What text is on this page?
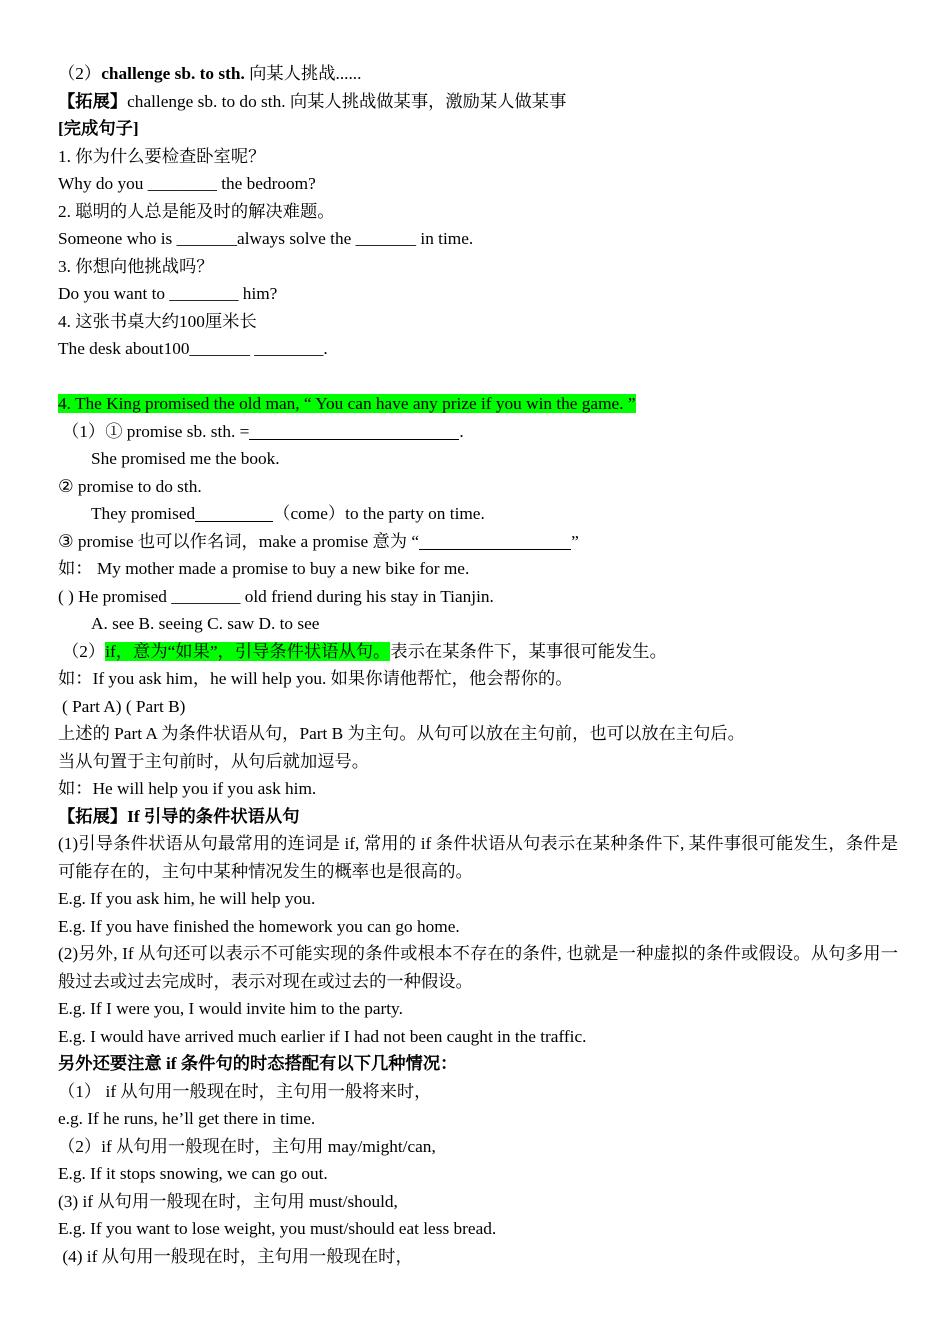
（2）challenge sb. to sth. 向某人挑战......
【拓展】challenge sb. to do sth. 向某人挑战做某事，激励某人做某事
[完成句子]
1. 你为什么要检查卧室呢？
Why do you ________ the bedroom?
2. 聪明的人总是能及时的解决难题。
Someone who is _______always solve the _______ in time.
3. 你想向他挑战吗？
Do you want to ________ him?
4. 这张书桌大约100厘米长
The desk about100_______ ________.
4. The King promised the old man, “ You can have any prize if you win the game. ”
（1）① promise sb. sth. =	.
She promised me the book.
② promise to do sth.
They promised	（come）to the party on time.
③ promise 也可以作名词，make a promise 意为 “	”
如： My mother made a promise to buy a new bike for me.
( ) He promised ________ old friend during his stay in Tianjin.
A. see B. seeing C. saw D. to see
（2）if，意为“如果”，引导条件状语从句。表示在某条件下，某事很可能发生。
如：If you ask him，he will help you. 如果你请他帮忙，他会帮你的。
( Part A) ( Part B)
上述的 Part A 为条件状语从句，Part B 为主句。从句可以放在主句前，也可以放在主句后。
当从句置于主句前时，从句后就加逗号。
如：He will help you if you ask him.
【拓展】If 引导的条件状语从句
(1)引导条件状语从句最常用的连词是 if, 常用的 if 条件状语从句表示在某种条件下, 某件事很可能发生，条件是可能存在的，主句中某种情况发生的概率也是很高的。
E.g. If you ask him, he will help you.
E.g. If you have finished the homework you can go home.
(2)另外, If 从句还可以表示不可能实现的条件或根本不存在的条件, 也就是一种虚拟的条件或假设。从句多用一般过去或过去完成时，表示对现在或过去的一种假设。
E.g. If I were you, I would invite him to the party.
E.g. I would have arrived much earlier if I had not been caught in the traffic.
另外还要注意 if 条件句的时态搭配有以下几种情况：
（1） if 从句用一般现在时，主句用一般将来时，
e.g. If he runs, he’ll get there in time.
（2）if 从句用一般现在时，主句用 may/might/can,
E.g. If it stops snowing, we can go out.
(3) if 从句用一般现在时，主句用 must/should,
E.g. If you want to lose weight, you must/should eat less bread.
(4) if 从句用一般现在时，主句用一般现在时，
